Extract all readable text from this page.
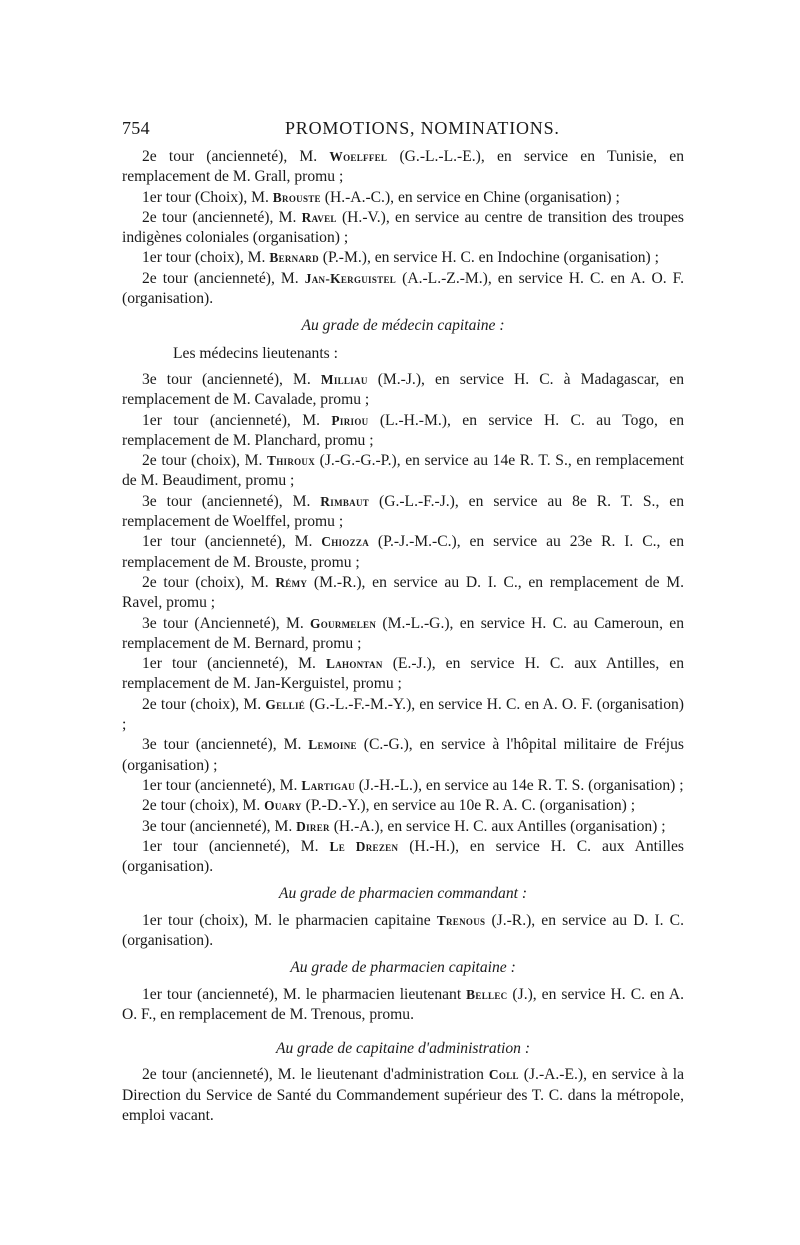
754	PROMOTIONS, NOMINATIONS.

2e tour (ancienneté), M. Woelffel (G.-L.-L.-E.), en service en Tunisie, en remplacement de M. Grall, promu ;

1er tour (Choix), M. Brouste (H.-A.-C.), en service en Chine (organisation) ;

2e tour (ancienneté), M. Ravel (H.-V.), en service au centre de transition des troupes indigènes coloniales (organisation) ;

1er tour (choix), M. Bernard (P.-M.), en service H. C. en Indochine (organisation) ;

2e tour (ancienneté), M. Jan-Kerguistel (A.-L.-Z.-M.), en service H. C. en A. O. F. (organisation).

Au grade de médecin capitaine :

Les médecins lieutenants :

3e tour (ancienneté), M. Milliau (M.-J.), en service H. C. à Madagascar, en remplacement de M. Cavalade, promu ;

1er tour (ancienneté), M. Piriou (L.-H.-M.), en service H. C. au Togo, en remplacement de M. Planchard, promu ;

2e tour (choix), M. Thiroux (J.-G.-G.-P.), en service au 14e R. T. S., en remplacement de M. Beaudiment, promu ;

3e tour (ancienneté), M. Rimbaut (G.-L.-F.-J.), en service au 8e R. T. S., en remplacement de Woelffel, promu ;

1er tour (ancienneté), M. Chiozza (P.-J.-M.-C.), en service au 23e R. I. C., en remplacement de M. Brouste, promu ;

2e tour (choix), M. Rémy (M.-R.), en service au D. I. C., en remplacement de M. Ravel, promu ;

3e tour (Ancienneté), M. Gourmelen (M.-L.-G.), en service H. C. au Cameroun, en remplacement de M. Bernard, promu ;

1er tour (ancienneté), M. Lahontan (E.-J.), en service H. C. aux Antilles, en remplacement de M. Jan-Kerguistel, promu ;

2e tour (choix), M. Gellié (G.-L.-F.-M.-Y.), en service H. C. en A. O. F. (organisation) ;

3e tour (ancienneté), M. Lemoine (C.-G.), en service à l'hôpital militaire de Fréjus (organisation) ;

1er tour (ancienneté), M. Lartigau (J.-H.-L.), en service au 14e R. T. S. (organisation) ;

2e tour (choix), M. Ouary (P.-D.-Y.), en service au 10e R. A. C. (organisation) ;

3e tour (ancienneté), M. Direr (H.-A.), en service H. C. aux Antilles (organisation) ;

1er tour (ancienneté), M. Le Drezen (H.-H.), en service H. C. aux Antilles (organisation).

Au grade de pharmacien commandant :

1er tour (choix), M. le pharmacien capitaine Trenous (J.-R.), en service au D. I. C. (organisation).

Au grade de pharmacien capitaine :

1er tour (ancienneté), M. le pharmacien lieutenant Bellec (J.), en service H. C. en A. O. F., en remplacement de M. Trenous, promu.

Au grade de capitaine d'administration :

2e tour (ancienneté), M. le lieutenant d'administration Coll (J.-A.-E.), en service à la Direction du Service de Santé du Commandement supérieur des T. C. dans la métropole, emploi vacant.
